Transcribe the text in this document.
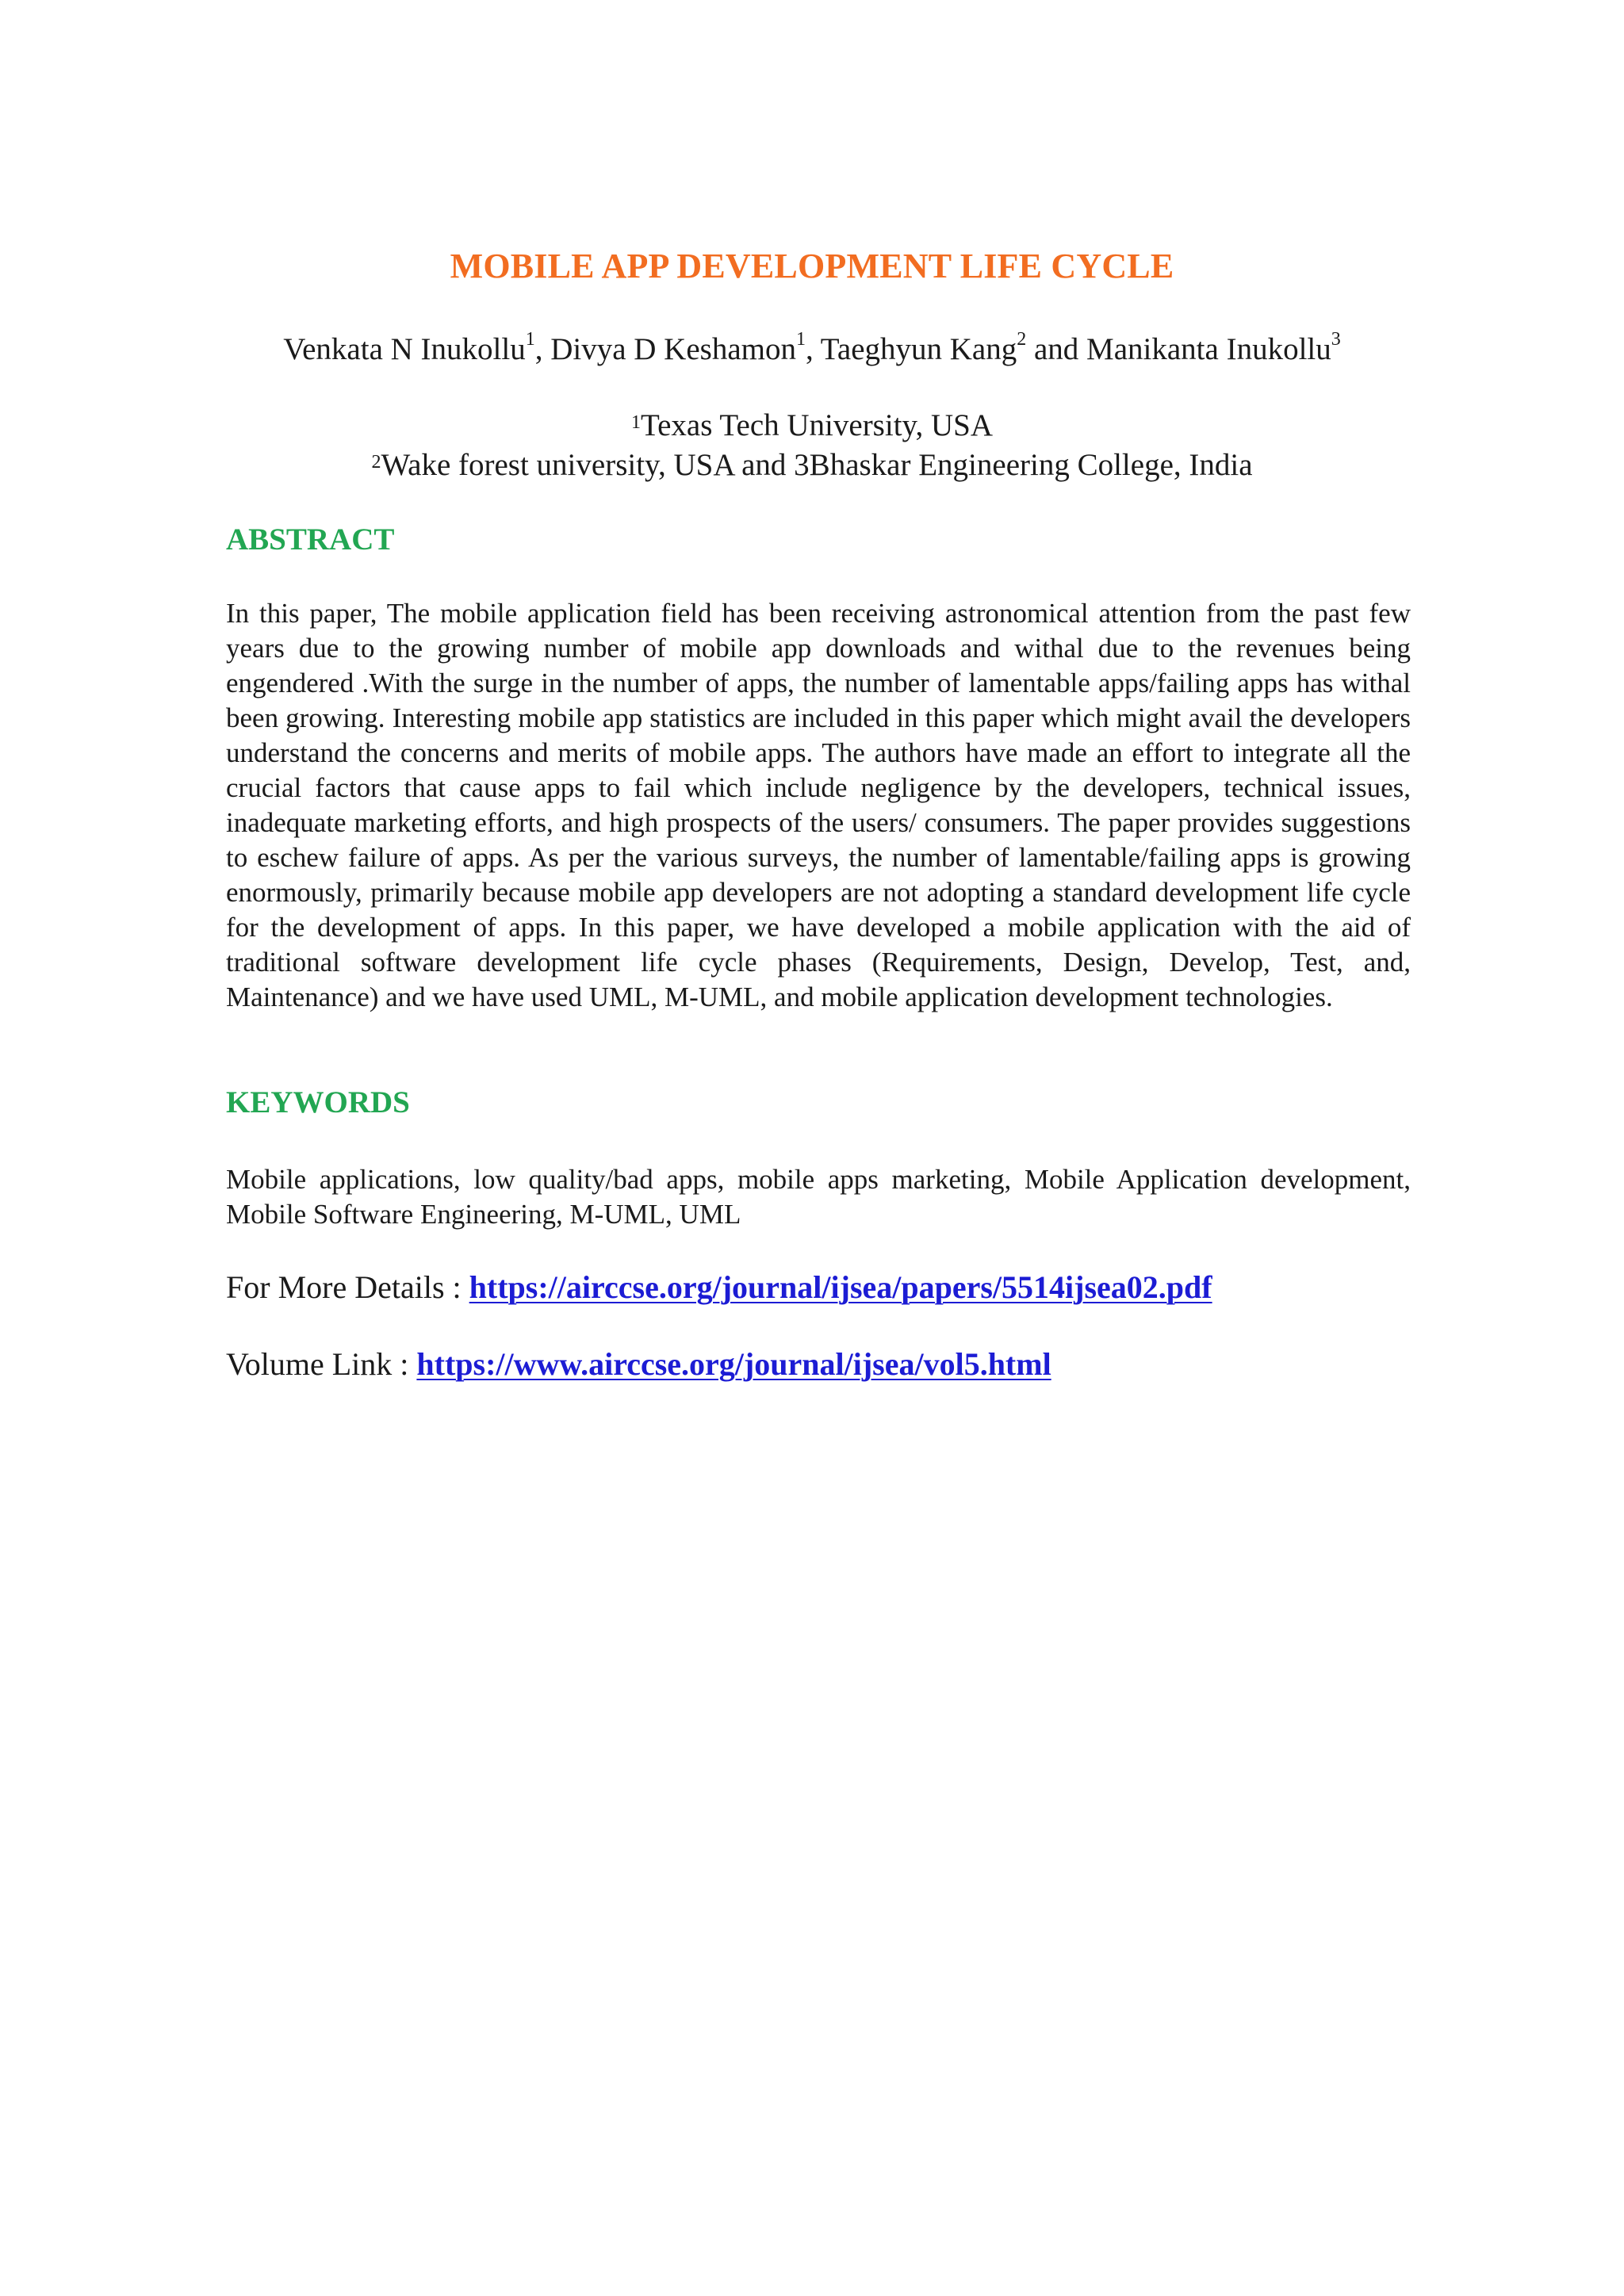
MOBILE APP DEVELOPMENT LIFE CYCLE
Venkata N Inukollu$^1$, Divya D Keshamon$^1$, Taeghyun Kang$^2$ and Manikanta Inukollu$^3$
$^1$Texas Tech University, USA
$^2$Wake forest university, USA and 3Bhaskar Engineering College, India
ABSTRACT
In this paper, The mobile application field has been receiving astronomical attention from the past few years due to the growing number of mobile app downloads and withal due to the revenues being engendered .With the surge in the number of apps, the number of lamentable apps/failing apps has withal been growing. Interesting mobile app statistics are included in this paper which might avail the developers understand the concerns and merits of mobile apps. The authors have made an effort to integrate all the crucial factors that cause apps to fail which include negligence by the developers, technical issues, inadequate marketing efforts, and high prospects of the users/ consumers. The paper provides suggestions to eschew failure of apps. As per the various surveys, the number of lamentable/failing apps is growing enormously, primarily because mobile app developers are not adopting a standard development life cycle for the development of apps. In this paper, we have developed a mobile application with the aid of traditional software development life cycle phases (Requirements, Design, Develop, Test, and, Maintenance) and we have used UML, M-UML, and mobile application development technologies.
KEYWORDS
Mobile applications, low quality/bad apps, mobile apps marketing, Mobile Application development, Mobile Software Engineering, M-UML, UML
For More Details : https://airccse.org/journal/ijsea/papers/5514ijsea02.pdf
Volume Link : https://www.airccse.org/journal/ijsea/vol5.html
